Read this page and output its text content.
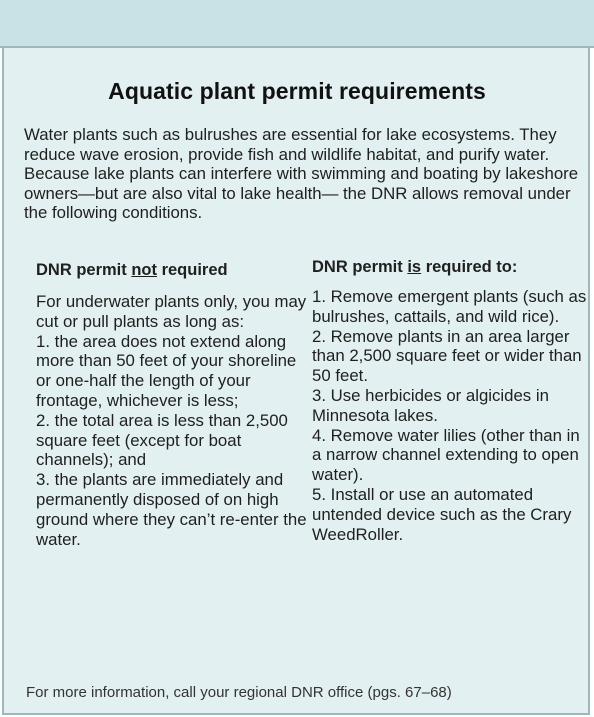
Aquatic plant permit requirements

Water plants such as bulrushes are essential for lake ecosystems. They reduce wave erosion, provide fish and wildlife habitat, and purify water. Because lake plants can interfere with swimming and boating by lakeshore owners—but are also vital to lake health— the DNR allows removal under the following conditions.

DNR permit not required

For underwater plants only, you may cut or pull plants as long as:

1. the area does not extend along more than 50 feet of your shoreline or one-half the length of your frontage, whichever is less;

2. the total area is less than 2,500 square feet (except for boat channels); and

3. the plants are immediately and permanently disposed of on high ground where they can’t re-enter the water.

DNR permit is required to:

1. Remove emergent plants (such as bulrushes, cattails, and wild rice).

2. Remove plants in an area larger than 2,500 square feet or wider than 50 feet.

3. Use herbicides or algicides in Minnesota lakes.

4. Remove water lilies (other than in a narrow channel extending to open water).

5. Install or use an automated untended device such as the Crary WeedRoller.

For more information, call your regional DNR office (pgs. 67–68)
